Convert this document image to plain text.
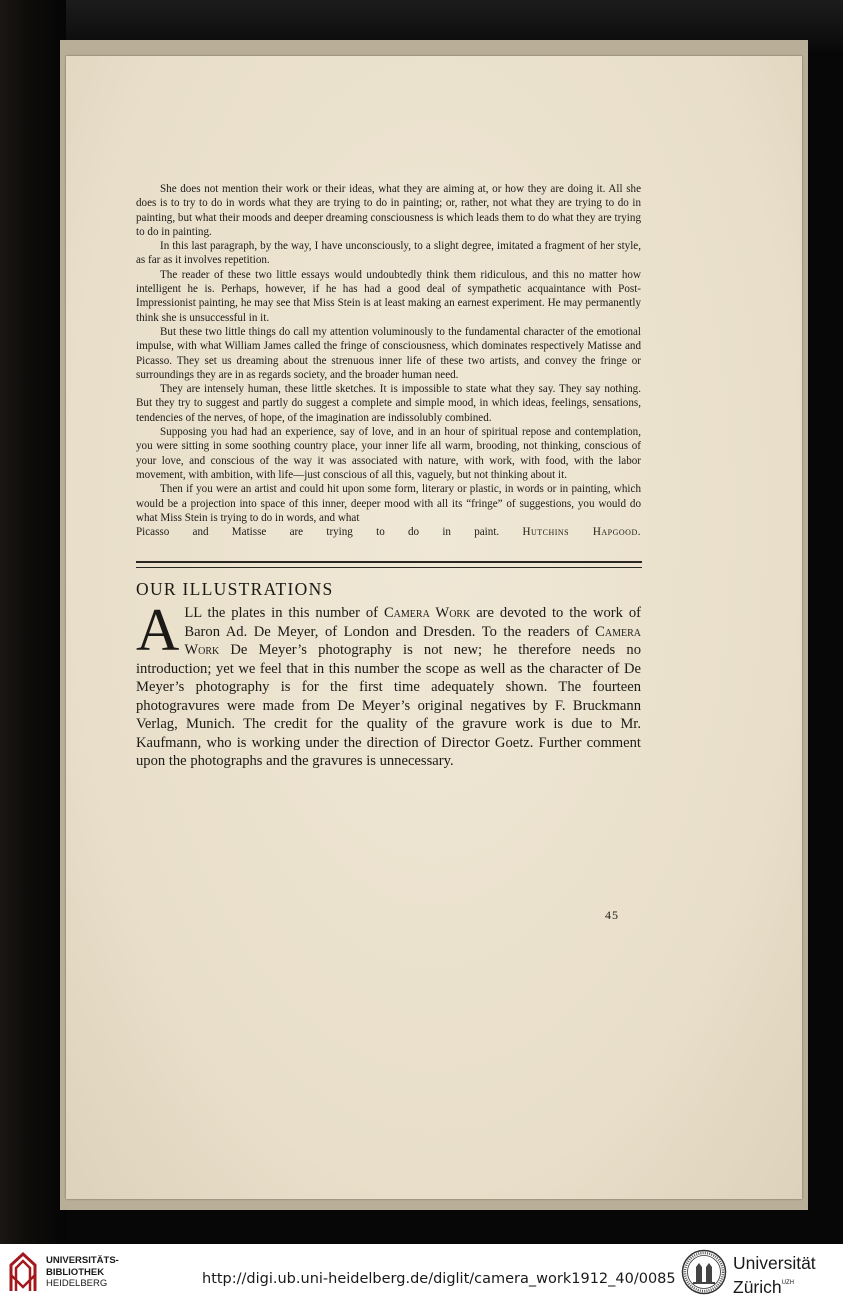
She does not mention their work or their ideas, what they are aiming at, or how they are doing it. All she does is to try to do in words what they are trying to do in painting; or, rather, not what they are trying to do in painting, but what their moods and deeper dreaming consciousness is which leads them to do what they are trying to do in painting.

In this last paragraph, by the way, I have unconsciously, to a slight degree, imitated a fragment of her style, as far as it involves repetition.

The reader of these two little essays would undoubtedly think them ridiculous, and this no matter how intelligent he is. Perhaps, however, if he has had a good deal of sympathetic acquaintance with Post-Impressionist painting, he may see that Miss Stein is at least making an earnest experiment. He may permanently think she is unsuccessful in it.

But these two little things do call my attention voluminously to the fundamental character of the emotional impulse, with what William James called the fringe of consciousness, which dominates respectively Matisse and Picasso. They set us dreaming about the strenuous inner life of these two artists, and convey the fringe or surroundings they are in as regards society, and the broader human need.

They are intensely human, these little sketches. It is impossible to state what they say. They say nothing. But they try to suggest and partly do suggest a complete and simple mood, in which ideas, feelings, sensations, tendencies of the nerves, of hope, of the imagination are indissolubly combined.

Supposing you had had an experience, say of love, and in an hour of spiritual repose and contemplation, you were sitting in some soothing country place, your inner life all warm, brooding, not thinking, conscious of your love, and conscious of the way it was associated with nature, with work, with food, with the labor movement, with ambition, with life—just conscious of all this, vaguely, but not thinking about it.

Then if you were an artist and could hit upon some form, literary or plastic, in words or in painting, which would be a projection into space of this inner, deeper mood with all its “fringe” of suggestions, you would do what Miss Stein is trying to do in words, and what

Picasso and Matisse are trying to do in paint. Hutchins Hapgood.
OUR ILLUSTRATIONS

ALL the plates in this number of Camera Work are devoted to the work of Baron Ad. De Meyer, of London and Dresden. To the readers of Camera Work De Meyer’s photography is not new; he therefore needs no introduction; yet we feel that in this number the scope as well as the character of De Meyer’s photography is for the first time adequately shown. The fourteen photogravures were made from De Meyer’s original negatives by F. Bruckmann Verlag, Munich. The credit for the quality of the gravure work is due to Mr. Kaufmann, who is working under the direction of Director Goetz. Further comment upon the photographs and the gravures is unnecessary.

45
UNIVERSITÄTS-
BIBLIOTHEK
HEIDELBERG	http://digi.ub.uni-heidelberg.de/diglit/camera_work1912_40/0085
Universität
Zürich$^{UZH}$
